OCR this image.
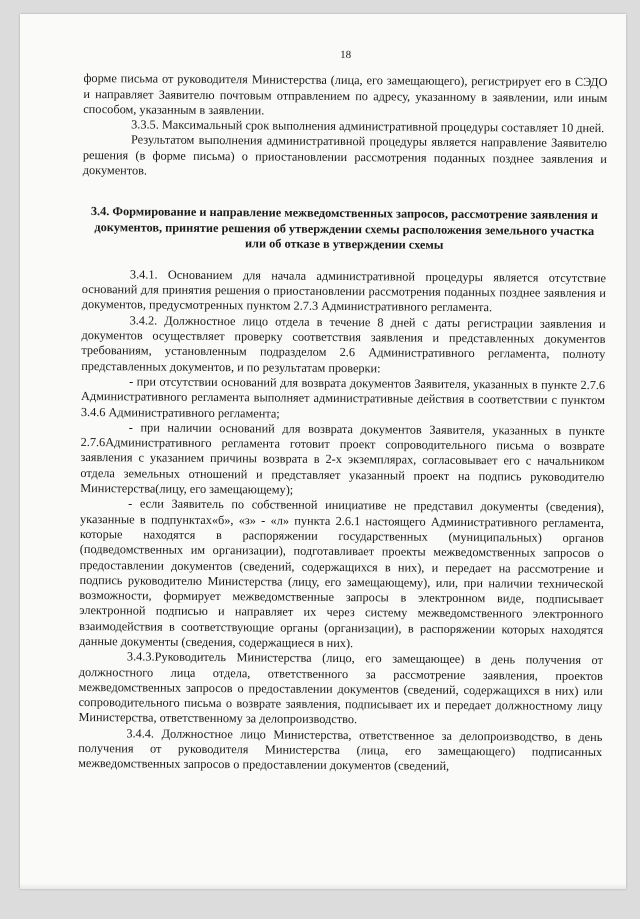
18

форме письма от руководителя Министерства (лица, его замещающего), регистрирует его в СЭДО и направляет Заявителю почтовым отправлением по адресу, указанному в заявлении, или иным способом, указанным в заявлении.

3.3.5. Максимальный срок выполнения административной процедуры составляет 10 дней.

Результатом выполнения административной процедуры является направление Заявителю решения (в форме письма) о приостановлении рассмотрения поданных позднее заявления и документов.

3.4. Формирование и направление межведомственных запросов, рассмотрение заявления и документов, принятие решения об утверждении схемы расположения земельного участка или об отказе в утверждении схемы

3.4.1. Основанием для начала административной процедуры является отсутствие оснований для принятия решения о приостановлении рассмотрения поданных позднее заявления и документов, предусмотренных пунктом 2.7.3 Административного регламента.

3.4.2. Должностное лицо отдела в течение 8 дней с даты регистрации заявления и документов осуществляет проверку соответствия заявления и представленных документов требованиям, установленным подразделом 2.6 Административного регламента, полноту представленных документов, и по результатам проверки:

- при отсутствии оснований для возврата документов Заявителя, указанных в пункте 2.7.6 Административного регламента выполняет административные действия в соответствии с пунктом 3.4.6 Административного регламента;

- при наличии оснований для возврата документов Заявителя, указанных в пункте 2.7.6Административного регламента готовит проект сопроводительного письма о возврате заявления с указанием причины возврата в 2-х экземплярах, согласовывает его с начальником отдела земельных отношений и представляет указанный проект на подпись руководителю Министерства(лицу, его замещающему);

- если Заявитель по собственной инициативе не представил документы (сведения), указанные в подпунктах«б», «з» - «л» пункта 2.6.1 настоящего Административного регламента, которые находятся в распоряжении государственных (муниципальных) органов (подведомственных им организации), подготавливает проекты межведомственных запросов о предоставлении документов (сведений, содержащихся в них), и передает на рассмотрение и подпись руководителю Министерства (лицу, его замещающему), или, при наличии технической возможности, формирует межведомственные запросы в электронном виде, подписывает электронной подписью и направляет их через систему межведомственного электронного взаимодействия в соответствующие органы (организации), в распоряжении которых находятся данные документы (сведения, содержащиеся в них).

3.4.3.Руководитель Министерства (лицо, его замещающее) в день получения от должностного лица отдела, ответственного за рассмотрение заявления, проектов межведомственных запросов о предоставлении документов (сведений, содержащихся в них) или сопроводительного письма о возврате заявления, подписывает их и передает должностному лицу Министерства, ответственному за делопроизводство.

3.4.4. Должностное лицо Министерства, ответственное за делопроизводство, в день получения от руководителя Министерства (лица, его замещающего) подписанных межведомственных запросов о предоставлении документов (сведений,
